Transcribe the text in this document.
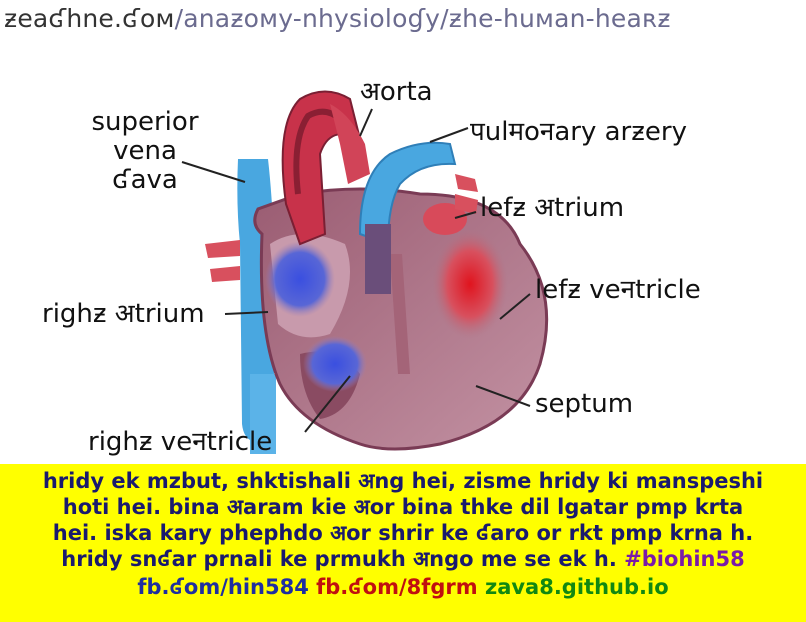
ƶeaʛhne.ʛoм/anaƶoмy-nhyѕioloɠy/ƶhe-huмan-heaʀƶ
अorta
superior
vena
ʛava
पulमoनary arƶery
lefƶ अtrium
lefƶ veनtricle
righƶ अtrium
septum
righƶ veनtricle
hridy ek mzbut, shktishali अng hei, zisme hridy ki manspeshi
hoti hei. bina अaram kie अor bina thke dil lgatar pmp krta
hei. iska kary phephdo अor shrir ke ʛaro or rkt pmp krna h.
hridy snʛar prnali ke prmukh अngo me se ek h. #biohin58
fb.ʛom/hin584 fb.ʛom/8fgrm zava8.github.io
